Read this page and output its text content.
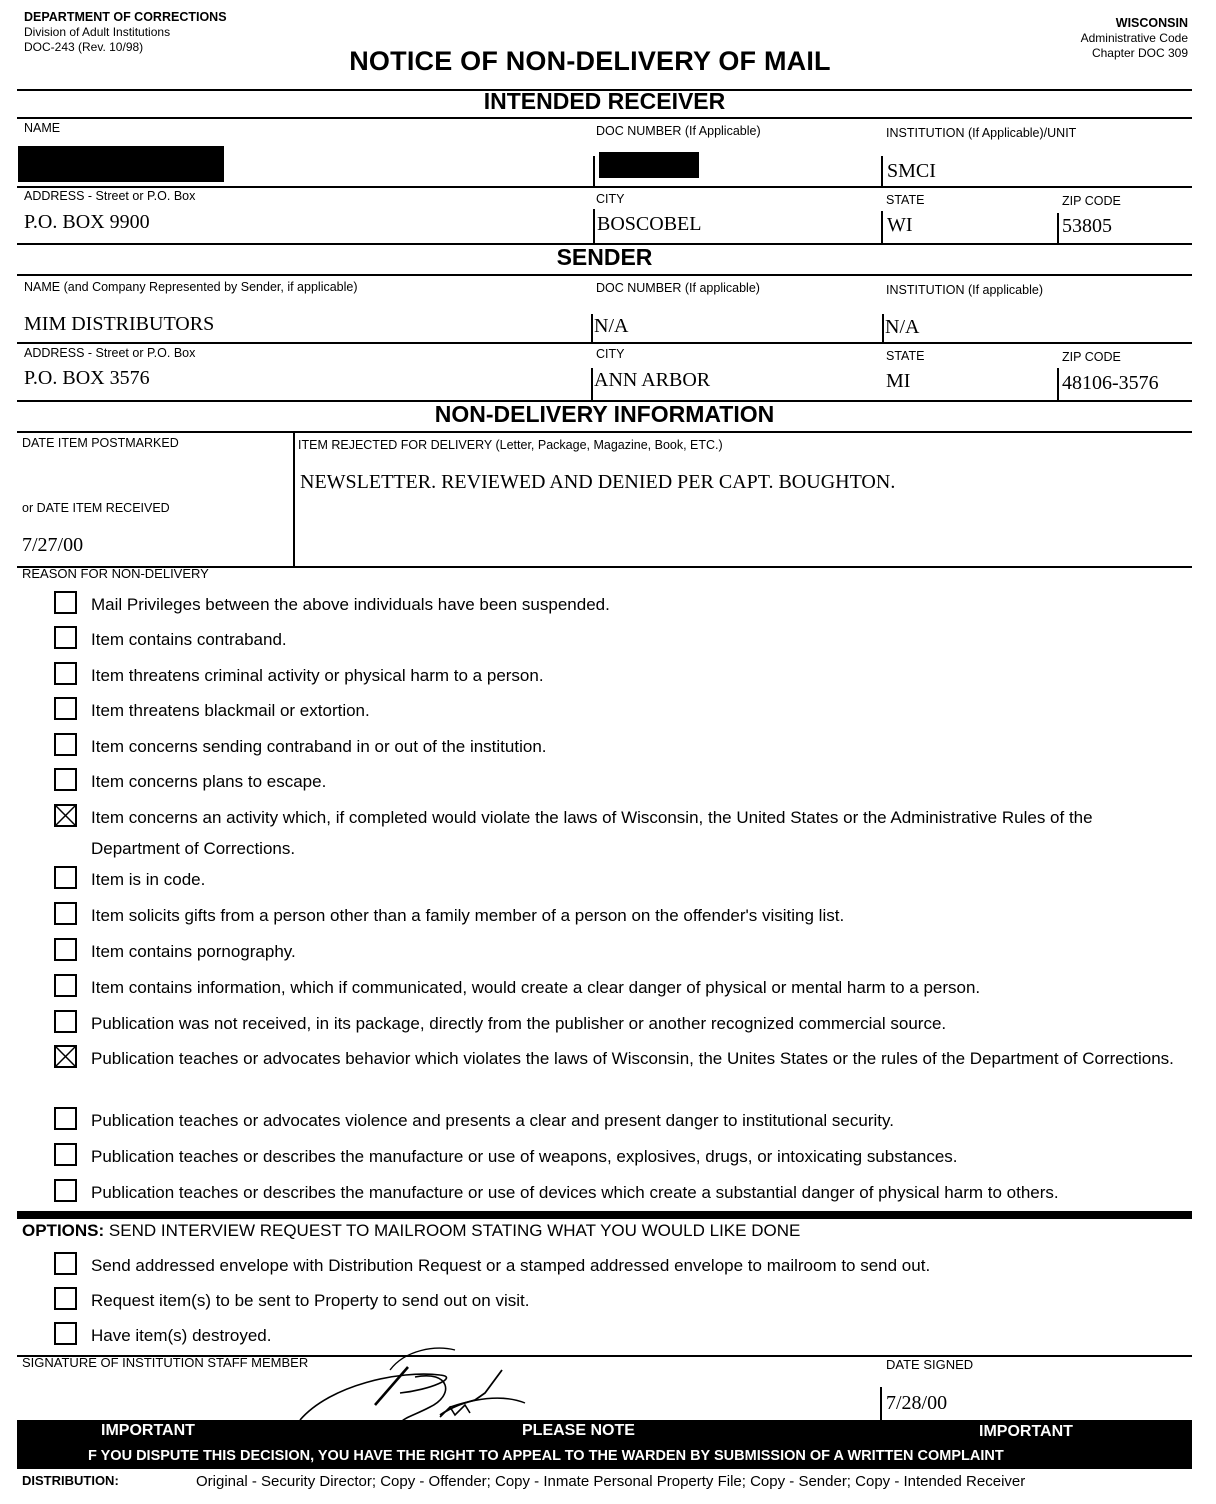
DEPARTMENT OF CORRECTIONS
Division of Adult Institutions
DOC-243 (Rev. 10/98)
WISCONSIN
Administrative Code
Chapter DOC 309
NOTICE OF NON-DELIVERY OF MAIL
INTENDED RECEIVER
NAME	DOC NUMBER (If Applicable)	INSTITUTION (If Applicable)/UNIT
SMCI
ADDRESS - Street or P.O. Box
P.O. BOX 9900
CITY
BOSCOBEL
STATE
WI
ZIP CODE
53805
SENDER
NAME (and Company Represented by Sender, if applicable)
MIM DISTRIBUTORS
DOC NUMBER (If applicable)
N/A
INSTITUTION (If applicable)
N/A
ADDRESS - Street or P.O. Box
P.O. BOX 3576
CITY
ANN ARBOR
STATE
MI
ZIP CODE
48106-3576
NON-DELIVERY INFORMATION
DATE ITEM POSTMARKED
or DATE ITEM RECEIVED
7/27/00
ITEM REJECTED FOR DELIVERY (Letter, Package, Magazine, Book, ETC.)
NEWSLETTER. REVIEWED AND DENIED PER CAPT. BOUGHTON.
REASON FOR NON-DELIVERY
Mail Privileges between the above individuals have been suspended.
Item contains contraband.
Item threatens criminal activity or physical harm to a person.
Item threatens blackmail or extortion.
Item concerns sending contraband in or out of the institution.
Item concerns plans to escape.
Item concerns an activity which, if completed would violate the laws of Wisconsin, the United States or the Administrative Rules of the Department of Corrections.
Item is in code.
Item solicits gifts from a person other than a family member of a person on the offender's visiting list.
Item contains pornography.
Item contains information, which if communicated, would create a clear danger of physical or mental harm to a person.
Publication was not received, in its package, directly from the publisher or another recognized commercial source.
Publication teaches or advocates behavior which violates the laws of Wisconsin, the Unites States or the rules of the Department of Corrections.
Publication teaches or advocates violence and presents a clear and present danger to institutional security.
Publication teaches or describes the manufacture or use of weapons, explosives, drugs, or intoxicating substances.
Publication teaches or describes the manufacture or use of devices which create a substantial danger of physical harm to others.
OPTIONS: SEND INTERVIEW REQUEST TO MAILROOM STATING WHAT YOU WOULD LIKE DONE
Send addressed envelope with Distribution Request or a stamped addressed envelope to mailroom to send out.
Request item(s) to be sent to Property to send out on visit.
Have item(s) destroyed.
SIGNATURE OF INSTITUTION STAFF MEMBER	DATE SIGNED
7/28/00
IMPORTANT	PLEASE NOTE	IMPORTANT
F YOU DISPUTE THIS DECISION, YOU HAVE THE RIGHT TO APPEAL TO THE WARDEN BY SUBMISSION OF A WRITTEN COMPLAINT
DISTRIBUTION:	Original - Security Director; Copy - Offender; Copy - Inmate Personal Property File; Copy - Sender; Copy - Intended Receiver
